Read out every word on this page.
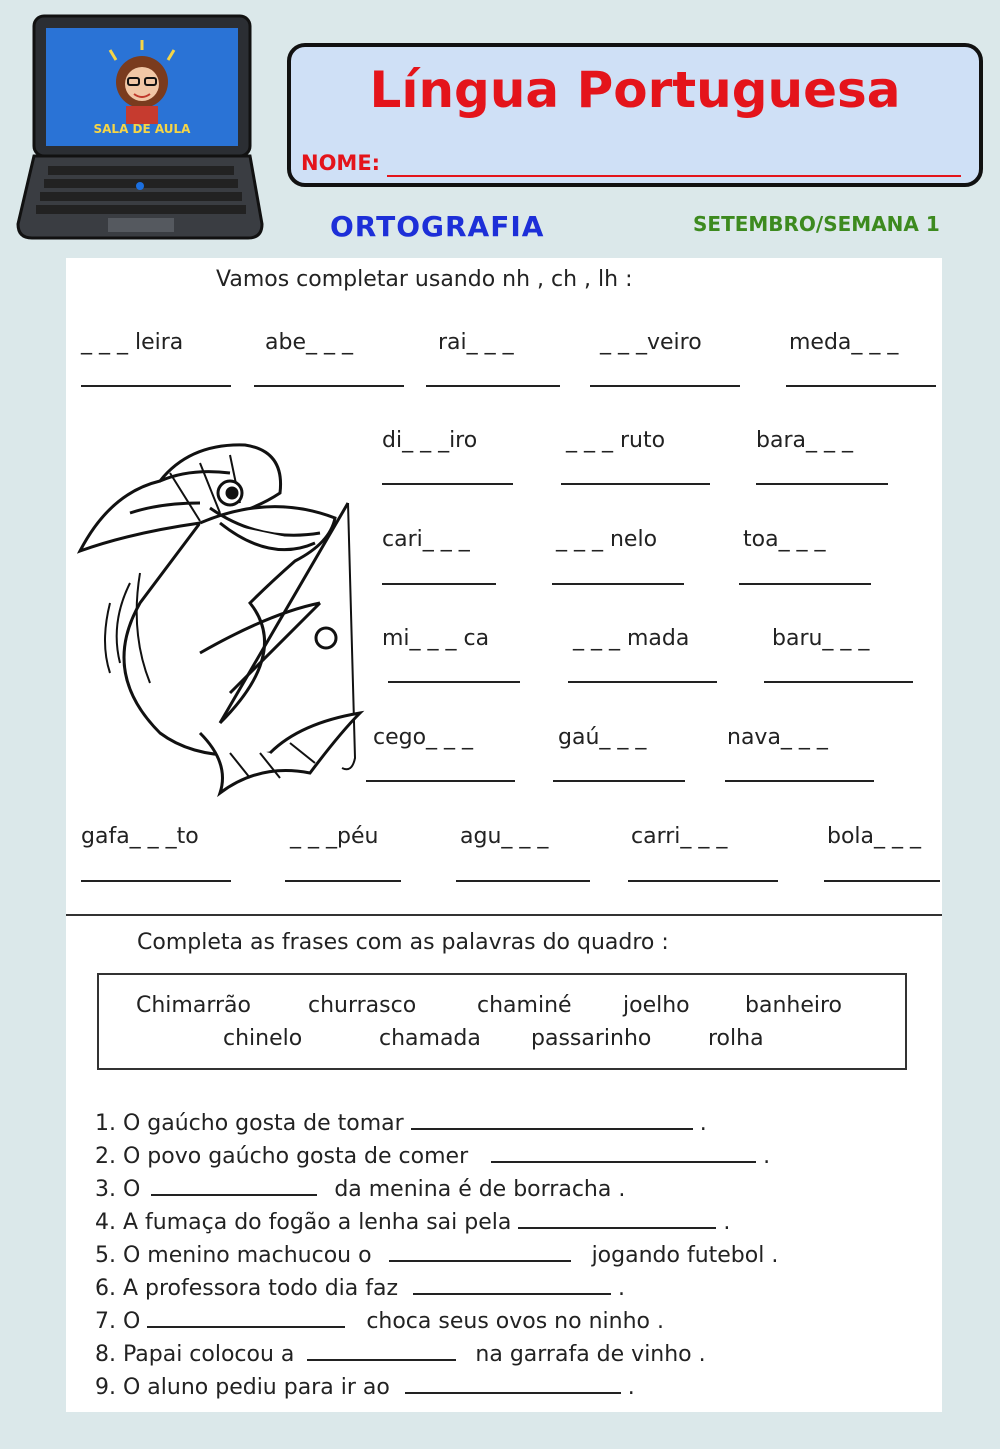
SALA DE AULA
Língua Portuguesa
NOME:
ORTOGRAFIA	SETEMBRO/SEMANA 1
Vamos completar usando nh , ch , lh :
_ _ _ leira	abe_ _ _	rai_ _ _	_ _ _veiro	meda_ _ _
di_ _ _iro	_ _ _ ruto	bara_ _ _
cari_ _ _	_ _ _ nelo	toa_ _ _
mi_ _ _ ca	_ _ _ mada	baru_ _ _
cego_ _ _	gaú_ _ _	nava_ _ _
gafa_ _ _to	_ _ _péu	agu_ _ _	carri_ _ _	bola_ _ _
Completa as frases com as palavras do quadro :
Chimarrão	churrasco	chaminé joelho	banheiro
chinelo	chamada passarinho	rolha
1. O gaúcho gosta de tomar	.
2. O povo gaúcho gosta de comer	.
3. O	da menina é de borracha .
4. A fumaça do fogão a lenha sai pela	.
5. O menino machucou o	jogando futebol .
6. A professora todo dia faz	.
7. O	choca seus ovos no ninho .
8. Papai colocou a	na garrafa de vinho .
9. O aluno pediu para ir ao	.
